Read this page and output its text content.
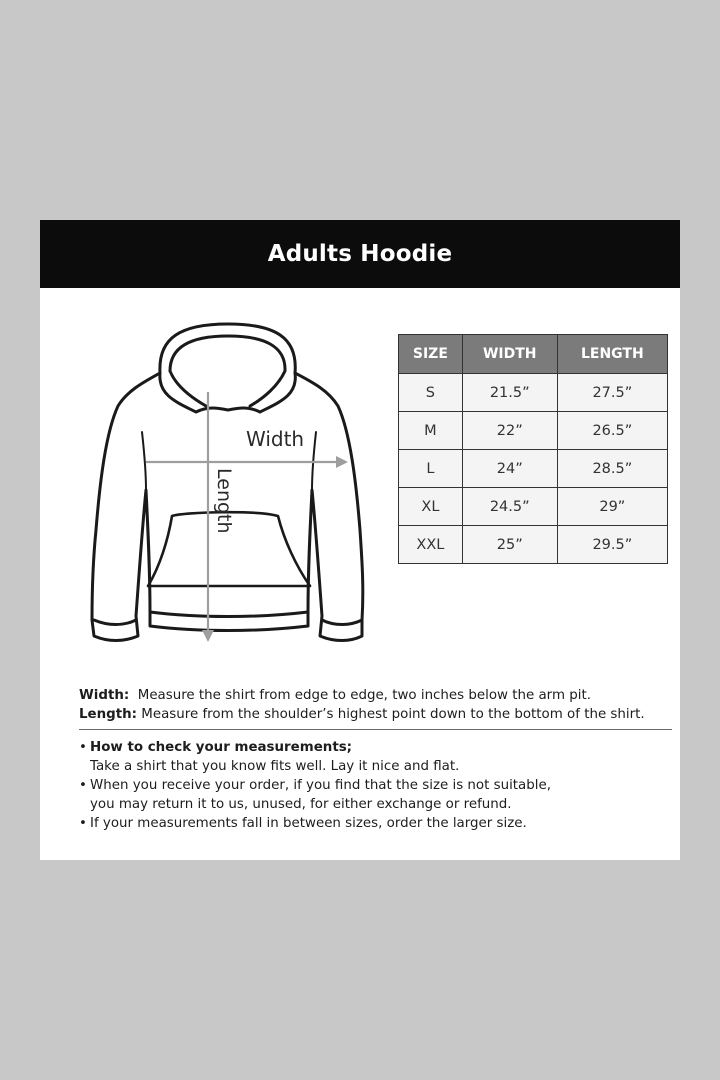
Adults Hoodie
Width
Length
SIZE	WIDTH	LENGTH
S	21.5”	27.5”
M	22”	26.5”
L	24”	28.5”
XL	24.5”	29”
XXL	25”	29.5”
Width: Measure the shirt from edge to edge, two inches below the arm pit.
Length: Measure from the shoulder’s highest point down to the bottom of the shirt.
• How to check your measurements;
Take a shirt that you know fits well. Lay it nice and flat.
• When you receive your order, if you find that the size is not suitable,
you may return it to us, unused, for either exchange or refund.
• If your measurements fall in between sizes, order the larger size.
